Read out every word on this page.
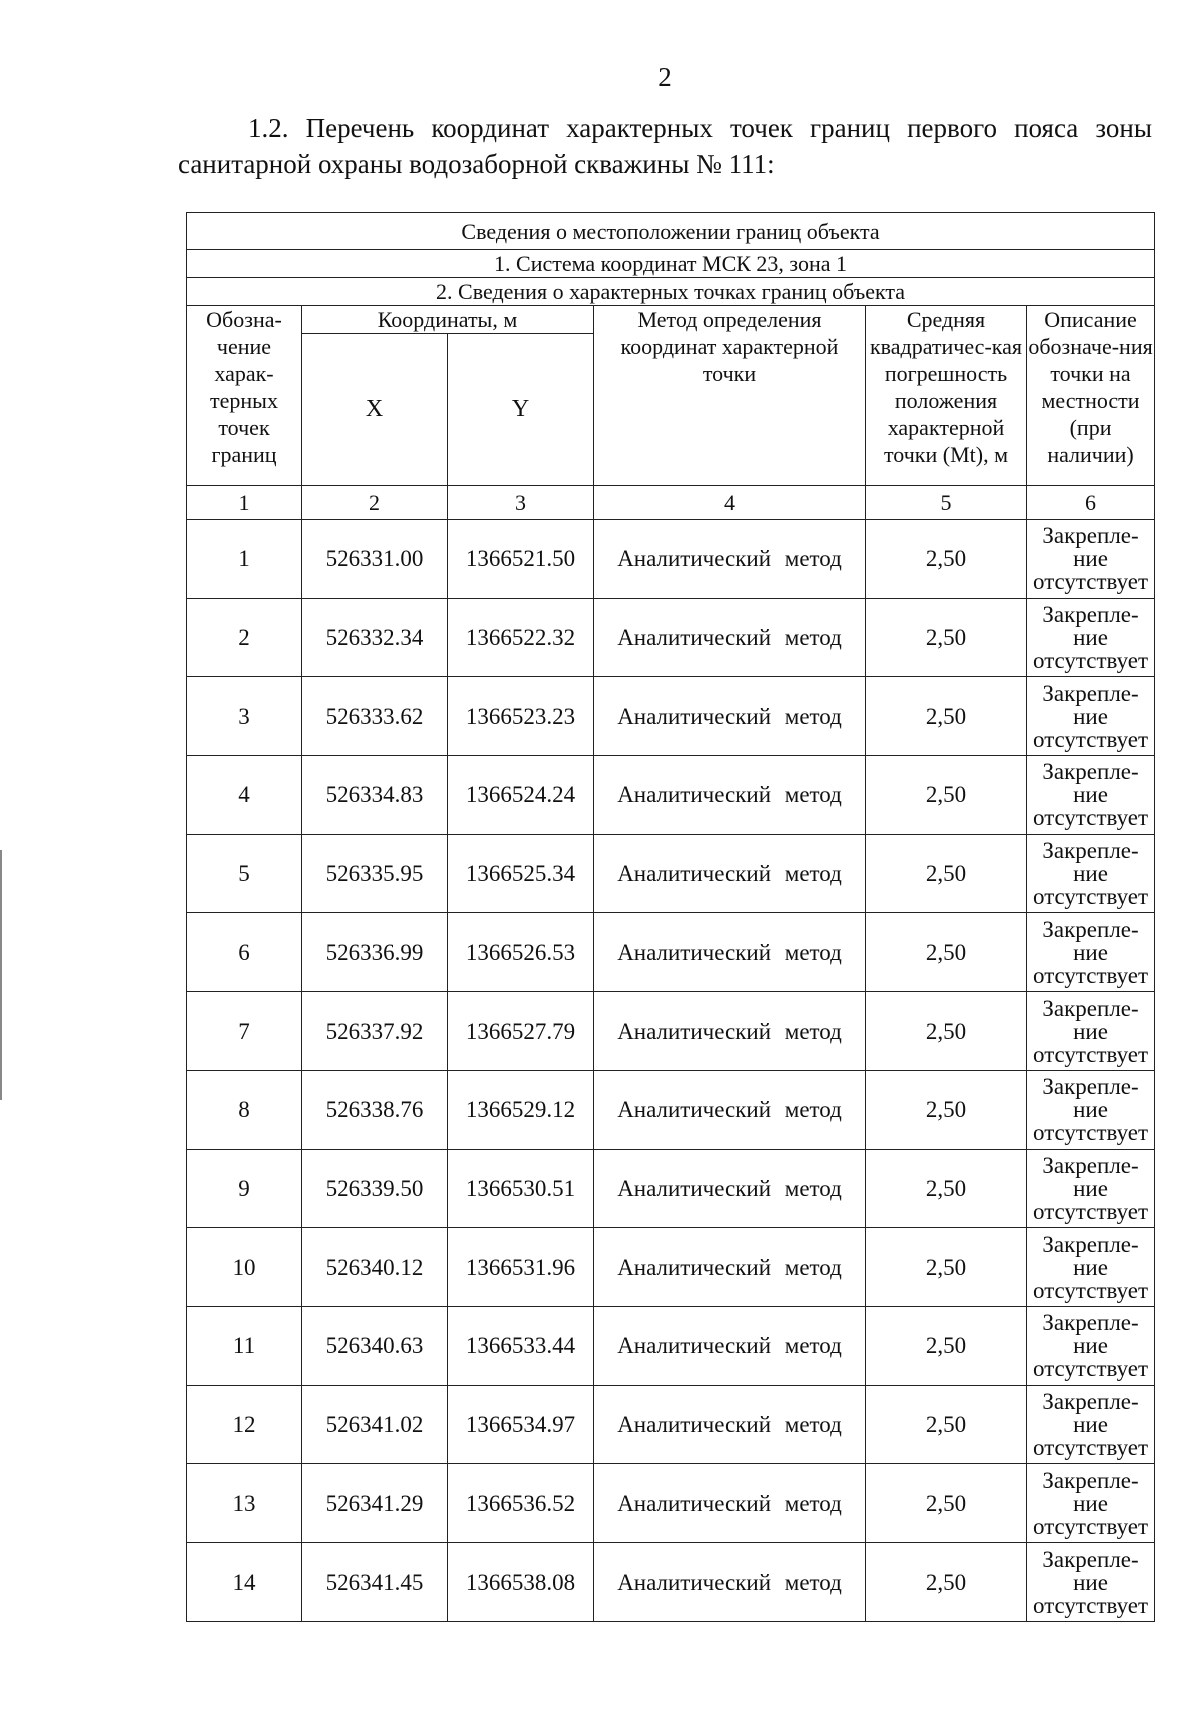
2
1.2. Перечень координат характерных точек границ первого пояса зоны санитарной охраны водозаборной скважины № 111:
Сведения о местоположении границ объекта					
1. Система координат МСК 23, зона 1					
2. Сведения о характерных точках границ объекта					
Обозна-чение харак-терных точек границ	Координаты, м		Метод определения координат характерной точки	Средняя квадратичес-кая погрешность положения характерной точки (Mt), м	Описание обозначе-ния точки на местности (при наличии)
	X	Y			
1	2	3	4	5	6
1	526331.00	1366521.50	Аналитический метод	2,50	Закрепле-ние отсутствует
2	526332.34	1366522.32	Аналитический метод	2,50	Закрепле-ние отсутствует
3	526333.62	1366523.23	Аналитический метод	2,50	Закрепле-ние отсутствует
4	526334.83	1366524.24	Аналитический метод	2,50	Закрепле-ние отсутствует
5	526335.95	1366525.34	Аналитический метод	2,50	Закрепле-ние отсутствует
6	526336.99	1366526.53	Аналитический метод	2,50	Закрепле-ние отсутствует
7	526337.92	1366527.79	Аналитический метод	2,50	Закрепле-ние отсутствует
8	526338.76	1366529.12	Аналитический метод	2,50	Закрепле-ние отсутствует
9	526339.50	1366530.51	Аналитический метод	2,50	Закрепле-ние отсутствует
10	526340.12	1366531.96	Аналитический метод	2,50	Закрепле-ние отсутствует
11	526340.63	1366533.44	Аналитический метод	2,50	Закрепле-ние отсутствует
12	526341.02	1366534.97	Аналитический метод	2,50	Закрепле-ние отсутствует
13	526341.29	1366536.52	Аналитический метод	2,50	Закрепле-ние отсутствует
14	526341.45	1366538.08	Аналитический метод	2,50	Закрепле-ние отсутствует
